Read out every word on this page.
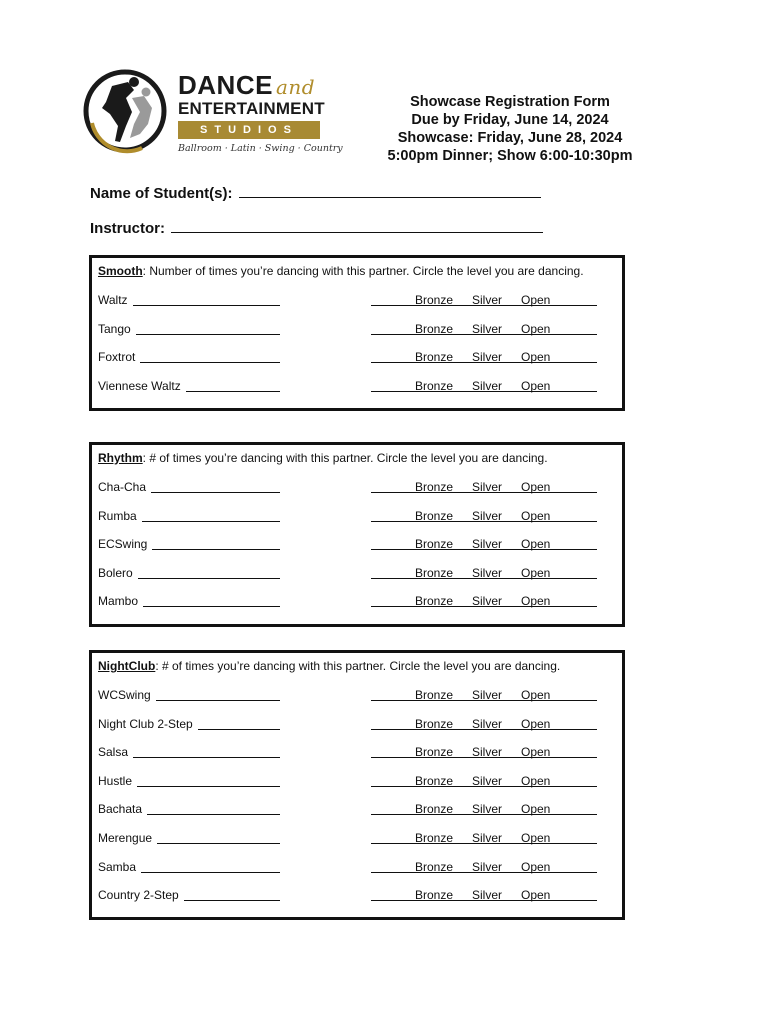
DANCE and
ENTERTAINMENT
STUDIOS
Ballroom · Latin · Swing · Country
Showcase Registration Form
Due by Friday, June 14, 2024
Showcase: Friday, June 28, 2024
5:00pm Dinner; Show 6:00-10:30pm
Name of Student(s):
Instructor:
Smooth: Number of times you’re dancing with this partner. Circle the level you are dancing.
Waltz	Bronze Silver Open
Tango	Bronze Silver Open
Foxtrot	Bronze Silver Open
Viennese Waltz	Bronze Silver Open
Rhythm: # of times you’re dancing with this partner. Circle the level you are dancing.
Cha-Cha	Bronze Silver Open
Rumba	Bronze Silver Open
ECSwing	Bronze Silver Open
Bolero	Bronze Silver Open
Mambo	Bronze Silver Open
NightClub: # of times you’re dancing with this partner. Circle the level you are dancing.
WCSwing	Bronze Silver Open
Night Club 2-Step	Bronze Silver Open
Salsa	Bronze Silver Open
Hustle	Bronze Silver Open
Bachata	Bronze Silver Open
Merengue	Bronze Silver Open
Samba	Bronze Silver Open
Country 2-Step	Bronze Silver Open
